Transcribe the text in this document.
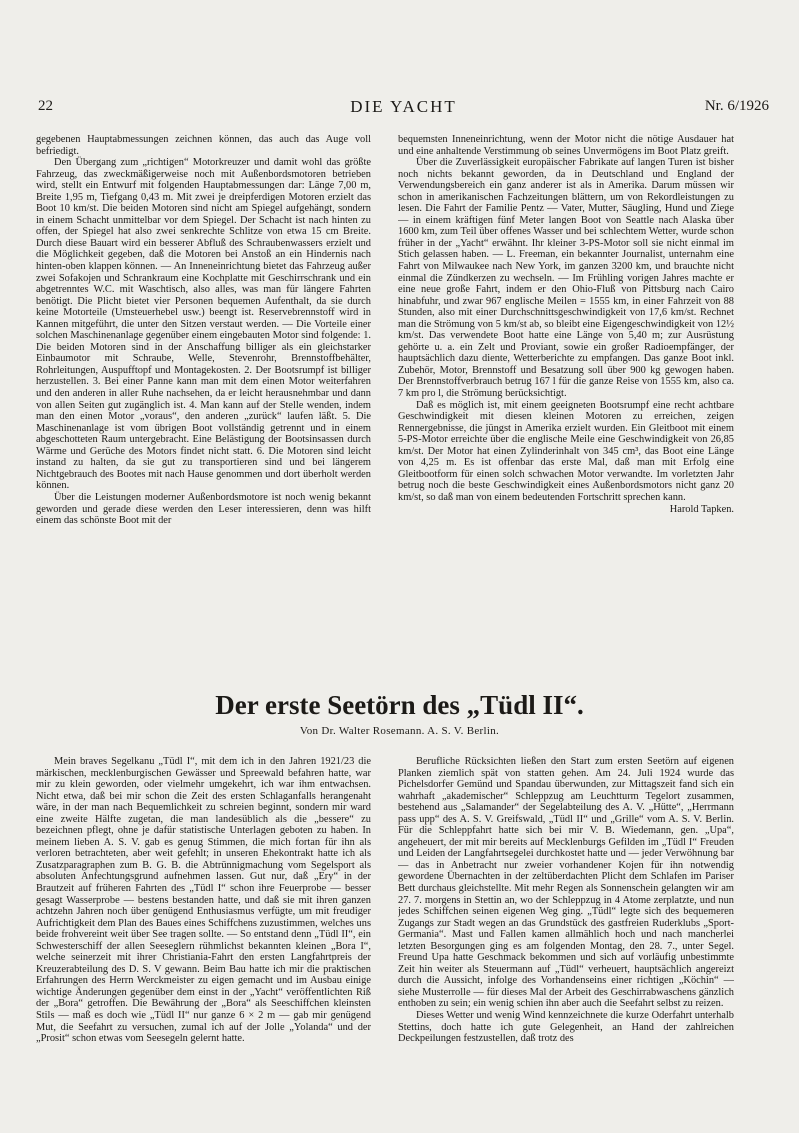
22	DIE YACHT	Nr. 6/1926

gegebenen Hauptabmessungen zeichnen können, das auch das Auge voll befriedigt.

Den Übergang zum „richtigen“ Motorkreuzer und damit wohl das größte Fahrzeug, das zweckmäßigerweise noch mit Außenbordsmotoren betrieben wird, stellt ein Entwurf mit folgenden Hauptabmessungen dar: Länge 7,00 m, Breite 1,95 m, Tiefgang 0,43 m. Mit zwei je dreipferdigen Motoren erzielt das Boot 10 km/st. Die beiden Motoren sind nicht am Spiegel aufgehängt, sondern in einem Schacht unmittelbar vor dem Spiegel. Der Schacht ist nach hinten zu offen, der Spiegel hat also zwei senkrechte Schlitze von etwa 15 cm Breite. Durch diese Bauart wird ein besserer Abfluß des Schraubenwassers erzielt und die Möglichkeit gegeben, daß die Motoren bei Anstoß an ein Hindernis nach hinten-oben klappen können. — An Inneneinrichtung bietet das Fahrzeug außer zwei Sofakojen und Schrankraum eine Kochplatte mit Geschirrschrank und ein abgetrenntes W.C. mit Waschtisch, also alles, was man für längere Fahrten benötigt. Die Plicht bietet vier Personen bequemen Aufenthalt, da sie durch keine Motorteile (Umsteuerhebel usw.) beengt ist. Reservebrennstoff wird in Kannen mitgeführt, die unter den Sitzen verstaut werden. — Die Vorteile einer solchen Maschinenanlage gegenüber einem eingebauten Motor sind folgende: 1. Die beiden Motoren sind in der Anschaffung billiger als ein gleichstarker Einbaumotor mit Schraube, Welle, Stevenrohr, Brennstoffbehälter, Rohrleitungen, Auspufftopf und Montagekosten. 2. Der Bootsrumpf ist billiger herzustellen. 3. Bei einer Panne kann man mit dem einen Motor weiterfahren und den anderen in aller Ruhe nachsehen, da er leicht herausnehmbar und dann von allen Seiten gut zugänglich ist. 4. Man kann auf der Stelle wenden, indem man den einen Motor „voraus“, den anderen „zurück“ laufen läßt. 5. Die Maschinenanlage ist vom übrigen Boot vollständig getrennt und in einem abgeschotteten Raum untergebracht. Eine Belästigung der Bootsinsassen durch Wärme und Gerüche des Motors findet nicht statt. 6. Die Motoren sind leicht instand zu halten, da sie gut zu transportieren sind und bei längerem Nichtgebrauch des Bootes mit nach Hause genommen und dort überholt werden können.

Über die Leistungen moderner Außenbordsmotore ist noch wenig bekannt geworden und gerade diese werden den Leser interessieren, denn was hilft einem das schönste Boot mit der

bequemsten Inneneinrichtung, wenn der Motor nicht die nötige Ausdauer hat und eine anhaltende Verstimmung ob seines Unvermögens im Boot Platz greift.

Über die Zuverlässigkeit europäischer Fabrikate auf langen Turen ist bisher noch nichts bekannt geworden, da in Deutschland und England der Verwendungsbereich ein ganz anderer ist als in Amerika. Darum müssen wir schon in amerikanischen Fachzeitungen blättern, um von Rekordleistungen zu lesen. Die Fahrt der Familie Pentz — Vater, Mutter, Säugling, Hund und Ziege — in einem kräftigen fünf Meter langen Boot von Seattle nach Alaska über 1600 km, zum Teil über offenes Wasser und bei schlechtem Wetter, wurde schon früher in der „Yacht“ erwähnt. Ihr kleiner 3-PS-Motor soll sie nicht einmal im Stich gelassen haben. — L. Freeman, ein bekannter Journalist, unternahm eine Fahrt von Milwaukee nach New York, im ganzen 3200 km, und brauchte nicht einmal die Zündkerzen zu wechseln. — Im Frühling vorigen Jahres machte er eine neue große Fahrt, indem er den Ohio-Fluß von Pittsburg nach Cairo hinabfuhr, und zwar 967 englische Meilen = 1555 km, in einer Fahrzeit von 88 Stunden, also mit einer Durchschnittsgeschwindigkeit von 17,6 km/st. Rechnet man die Strömung von 5 km/st ab, so bleibt eine Eigengeschwindigkeit von 12½ km/st. Das verwendete Boot hatte eine Länge von 5,40 m; zur Ausrüstung gehörte u. a. ein Zelt und Proviant, sowie ein großer Radioempfänger, der hauptsächlich dazu diente, Wetterberichte zu empfangen. Das ganze Boot inkl. Zubehör, Motor, Brennstoff und Besatzung soll über 900 kg gewogen haben. Der Brennstoffverbrauch betrug 167 l für die ganze Reise von 1555 km, also ca. 7 km pro l, die Strömung berücksichtigt.

Daß es möglich ist, mit einem geeigneten Bootsrumpf eine recht achtbare Geschwindigkeit mit diesen kleinen Motoren zu erreichen, zeigen Rennergebnisse, die jüngst in Amerika erzielt wurden. Ein Gleitboot mit einem 5-PS-Motor erreichte über die englische Meile eine Geschwindigkeit von 26,85 km/st. Der Motor hat einen Zylinderinhalt von 345 cm³, das Boot eine Länge von 4,25 m. Es ist offenbar das erste Mal, daß man mit Erfolg eine Gleitbootform für einen solch schwachen Motor verwandte. Im vorletzten Jahr betrug noch die beste Geschwindigkeit eines Außenbordsmotors nicht ganz 20 km/st, so daß man von einem bedeutenden Fortschritt sprechen kann.

Harold Tapken.

Der erste Seetörn des „Tüdl II“.
Von Dr. Walter Rosemann. A. S. V. Berlin.

Mein braves Segelkanu „Tüdl I“, mit dem ich in den Jahren 1921/23 die märkischen, mecklenburgischen Gewässer und Spreewald befahren hatte, war mir zu klein geworden, oder vielmehr umgekehrt, ich war ihm entwachsen. Nicht etwa, daß bei mir schon die Zeit des ersten Schlaganfalls herangenaht wäre, in der man nach Bequemlichkeit zu schreien beginnt, sondern mir ward eine zweite Hälfte zugetan, die man landesüblich als die „bessere“ zu bezeichnen pflegt, ohne je dafür statistische Unterlagen geboten zu haben. In meinem lieben A. S. V. gab es genug Stimmen, die mich fortan für ihn als verloren betrachteten, aber weit gefehlt; in unseren Ehekontrakt hatte ich als Zusatzparagraphen zum B. G. B. die Abtrünnigmachung vom Segelsport als absoluten Anfechtungsgrund aufnehmen lassen. Gut nur, daß „Ery“ in der Brautzeit auf früheren Fahrten des „Tüdl I“ schon ihre Feuerprobe — besser gesagt Wasserprobe — bestens bestanden hatte, und daß sie mit ihren ganzen achtzehn Jahren noch über genügend Enthusiasmus verfügte, um mit freudiger Aufrichtigkeit dem Plan des Baues eines Schiffchens zuzustimmen, welches uns beide frohvereint weit über See tragen sollte. — So entstand denn „Tüdl II“, ein Schwesterschiff der allen Seeseglern rühmlichst bekannten kleinen „Bora I“, welche seinerzeit mit ihrer Christiania-Fahrt den ersten Langfahrtpreis der Kreuzerabteilung des D. S. V gewann. Beim Bau hatte ich mir die praktischen Erfahrungen des Herrn Werckmeister zu eigen gemacht und im Ausbau einige wichtige Änderungen gegenüber dem einst in der „Yacht“ veröffentlichten Riß der „Bora“ getroffen. Die Bewährung der „Bora“ als Seeschiffchen kleinsten Stils — maß es doch wie „Tüdl II“ nur ganze 6 × 2 m — gab mir genügend Mut, die Seefahrt zu versuchen, zumal ich auf der Jolle „Yolanda“ und der „Prosit“ schon etwas vom Seesegeln gelernt hatte.

Berufliche Rücksichten ließen den Start zum ersten Seetörn auf eigenen Planken ziemlich spät von statten gehen. Am 24. Juli 1924 wurde das Pichelsdorfer Gemünd und Spandau überwunden, zur Mittagszeit fand sich ein wahrhaft „akademischer“ Schleppzug am Leuchtturm Tegelort zusammen, bestehend aus „Salamander“ der Segelabteilung des A. V. „Hütte“, „Herrmann pass upp“ des A. S. V. Greifswald, „Tüdl II“ und „Grille“ vom A. S. V. Berlin. Für die Schleppfahrt hatte sich bei mir V. B. Wiedemann, gen. „Upa“, angeheuert, der mit mir bereits auf Mecklenburgs Gefilden im „Tüdl I“ Freuden und Leiden der Langfahrtsegelei durchkostet hatte und — jeder Verwöhnung bar — das in Anbetracht nur zweier vorhandener Kojen für ihn notwendig gewordene Übernachten in der zeltüberdachten Plicht dem Schlafen im Pariser Bett durchaus gleichstellte. Mit mehr Regen als Sonnenschein gelangten wir am 27. 7. morgens in Stettin an, wo der Schleppzug in 4 Atome zerplatzte, und nun jedes Schiffchen seinen eigenen Weg ging. „Tüdl“ legte sich des bequemeren Zugangs zur Stadt wegen an das Grundstück des gastfreien Ruderklubs „Sport-Germania“. Mast und Fallen kamen allmählich hoch und nach mancherlei letzten Besorgungen ging es am folgenden Montag, den 28. 7., unter Segel. Freund Upa hatte Geschmack bekommen und sich auf vorläufig unbestimmte Zeit hin weiter als Steuermann auf „Tüdl“ verheuert, hauptsächlich angereizt durch die Aussicht, infolge des Vorhandenseins einer richtigen „Köchin“ — siehe Musterrolle — für dieses Mal der Arbeit des Geschirrabwaschens gänzlich enthoben zu sein; ein wenig schien ihn aber auch die Seefahrt selbst zu reizen.

Dieses Wetter und wenig Wind kennzeichnete die kurze Oderfahrt unterhalb Stettins, doch hatte ich gute Gelegenheit, an Hand der zahlreichen Deckpeilungen festzustellen, daß trotz des
